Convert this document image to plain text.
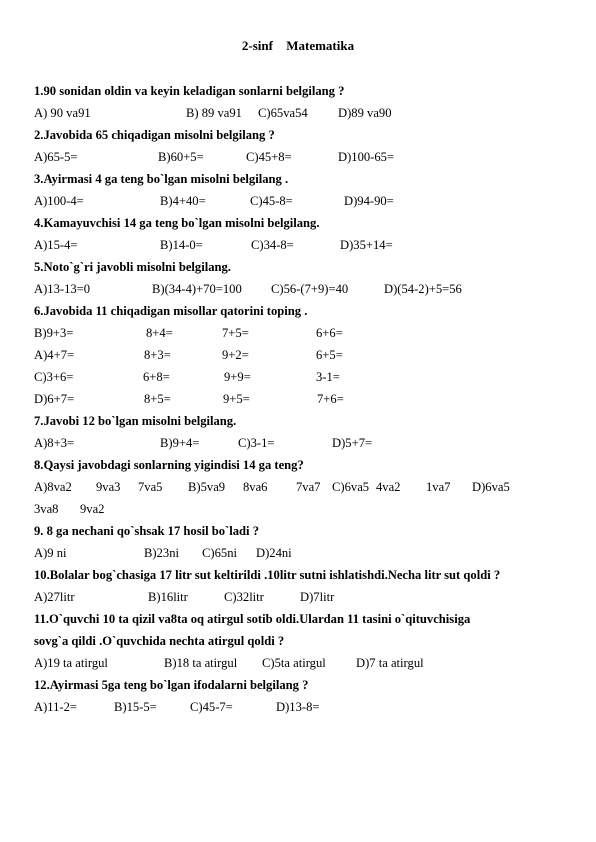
2-sinf Matematika
1.90 sonidan oldin va keyin keladigan sonlarni belgilang ?
A) 90 va91	B) 89 va91 C)65va54 D)89 va90
2.Javobida 65 chiqadigan misolni belgilang ?
A)65-5=	B)60+5=	C)45+8=	D)100-65=
3.Ayirmasi 4 ga teng bo`lgan misolni belgilang .
A)100-4=	B)4+40=	C)45-8=	D)94-90=
4.Kamayuvchisi 14 ga teng bo`lgan misolni belgilang.
A)15-4=	B)14-0=	C)34-8=	D)35+14=
5.Noto`g`ri javobli misolni belgilang.
A)13-13=0	B)(34-4)+70=100 C)56-(7+9)=40	D)(54-2)+5=56
6.Javobida 11 chiqadigan misollar qatorini toping .
B)9+3=	8+4=	7+5=	6+6=
A)4+7=	8+3=	9+2=	6+5=
C)3+6=	6+8=	9+9=	3-1=
D)6+7=	8+5=	9+5=	7+6=
7.Javobi 12 bo`lgan misolni belgilang.
A)8+3=	B)9+4=	C)3-1=	D)5+7=
8.Qaysi javobdagi sonlarning yigindisi 14 ga teng?
A)8va2 9va3 7va5 B)5va9 8va6 7va7 C)6va5 4va2 1va7 D)6va5
3va8 9va2
9. 8 ga nechani qo`shsak 17 hosil bo`ladi ?
A)9 ni	B)23ni C)65ni D)24ni
10.Bolalar bog`chasiga 17 litr sut keltirildi .10litr sutni ishlatishdi.Necha litr sut qoldi ?
A)27litr	B)16litr	C)32litr	D)7litr
11.O`quvchi 10 ta qizil va8ta oq atirgul sotib oldi.Ulardan 11 tasini o`qituvchisiga
sovg`a qildi .O`quvchida nechta atirgul qoldi ?
A)19 ta atirgul	B)18 ta atirgul C)5ta atirgul D)7 ta atirgul
12.Ayirmasi 5ga teng bo`lgan ifodalarni belgilang ?
A)11-2=	B)15-5=	C)45-7=	D)13-8=
